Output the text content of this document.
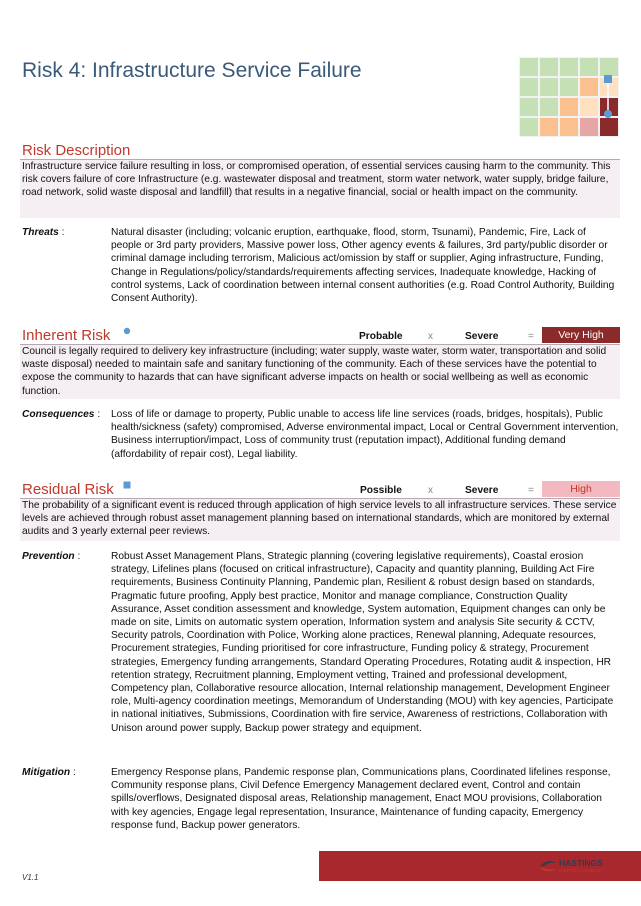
Risk 4: Infrastructure Service Failure
Risk Description
Infrastructure service failure resulting in loss, or compromised operation, of essential services causing harm to the community. This risk covers failure of core Infrastructure (e.g. wastewater disposal and treatment, storm water network, water supply, bridge failure, road network, solid waste disposal and landfill) that results in a negative financial, social or health impact on the community.
Threats :	Natural disaster (including; volcanic eruption, earthquake, flood, storm, Tsunami), Pandemic, Fire, Lack of people or 3rd party providers, Massive power loss, Other agency events & failures, 3rd party/public disorder or criminal damage including terrorism, Malicious act/omission by staff or supplier, Aging infrastructure, Funding, Change in Regulations/policy/standards/requirements affecting services, Inadequate knowledge, Hacking of control systems, Lack of coordination between internal consent authorities (e.g. Road Control Authority, Building Consent Authority).
Inherent Risk	Probable	x	Severe	=	Very High
Council is legally required to delivery key infrastructure (including; water supply, waste water, storm water, transportation and solid waste disposal) needed to maintain safe and sanitary functioning of the community. Each of these services have the potential to expose the community to hazards that can have significant adverse impacts on health or social wellbeing as well as economic function.
Consequences : Loss of life or damage to property, Public unable to access life line services (roads, bridges, hospitals), Public health/sickness (safety) compromised, Adverse environmental impact, Local or Central Government intervention, Business interruption/impact, Loss of community trust (reputation impact), Additional funding demand (affordability of repair cost), Legal liability.
Residual Risk	Possible	x	Severe	=	High
The probability of a significant event is reduced through application of high service levels to all infrastructure services. These service levels are achieved through robust asset management planning based on international standards, which are monitored by external audits and 3 yearly external peer reviews.
Prevention :	Robust Asset Management Plans, Strategic planning (covering legislative requirements), Coastal erosion strategy, Lifelines plans (focused on critical infrastructure), Capacity and quantity planning, Building Act Fire requirements, Business Continuity Planning, Pandemic plan, Resilient & robust design based on standards, Pragmatic future proofing, Apply best practice, Monitor and manage compliance, Construction Quality Assurance, Asset condition assessment and knowledge, System automation, Equipment changes can only be made on site, Limits on automatic system operation, Information system and analysis Site security & CCTV, Security patrols, Coordination with Police, Working alone practices, Renewal planning, Adequate resources, Procurement strategies, Funding prioritised for core infrastructure, Funding policy & strategy, Procurement strategies, Emergency funding arrangements, Standard Operating Procedures, Rotating audit & inspection, HR retention strategy, Recruitment planning, Employment vetting, Trained and professional development, Competency plan, Collaborative resource allocation, Internal relationship management, Development Engineer role, Multi-agency coordination meetings, Memorandum of Understanding (MOU) with key agencies, Participate in national initiatives, Submissions, Coordination with fire service, Awareness of restrictions, Collaboration with Unison around power supply, Backup power strategy and equipment.
Mitigation :	Emergency Response plans, Pandemic response plan, Communications plans, Coordinated lifelines response, Community response plans, Civil Defence Emergency Management declared event, Control and contain spills/overflows, Designated disposal areas, Relationship management, Enact MOU provisions, Collaboration with key agencies, Engage legal representation, Insurance, Maintenance of funding capacity, Emergency response fund, Backup power generators.
HASTINGS
DISTRICT COUNCIL
V1.1
